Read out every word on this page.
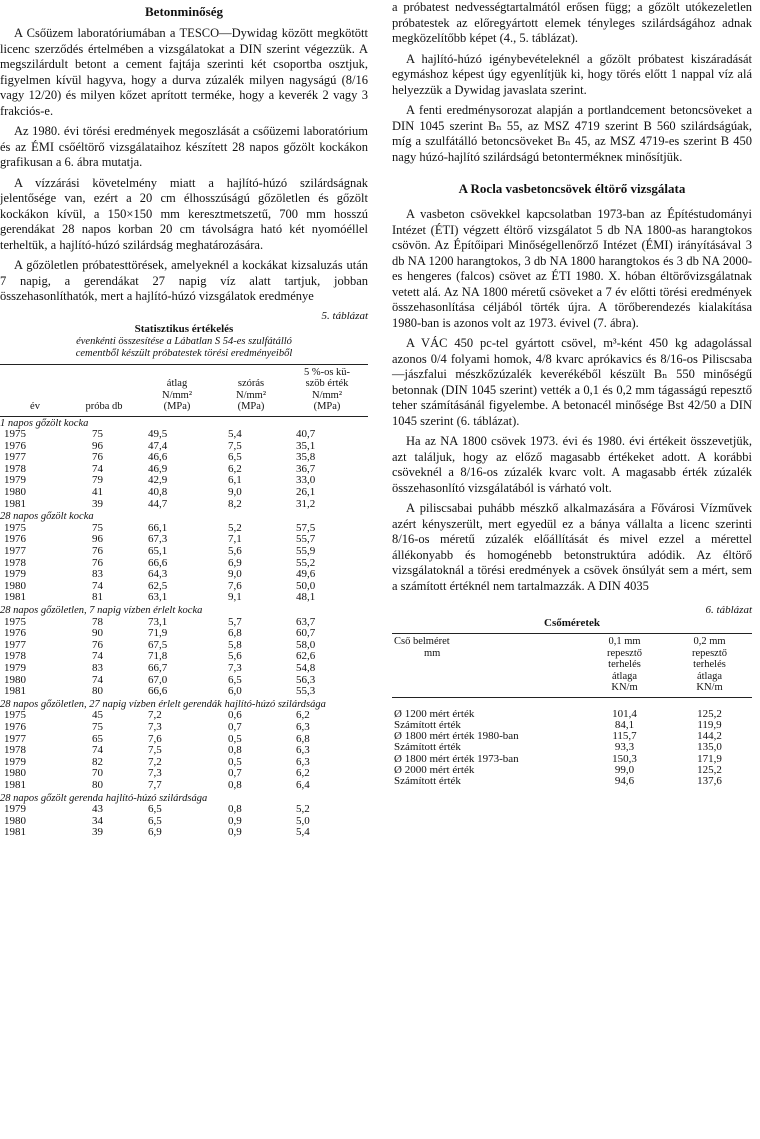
Betonminőség

A Csőüzem laboratóriumában a TESCO—Dywidag között megkötött licenc szerződés értelmében a vizsgálatokat a DIN szerint végezzük. A megszilárdult betont a cement fajtája szerinti két csoportba osztjuk, figyelmen kívül hagyva, hogy a durva zúzalék milyen nagyságú (8/16 vagy 12/20) és milyen kőzet aprított terméke, hogy a keverék 2 vagy 3 frakciós-e.

Az 1980. évi törési eredmények megoszlását a csőüzemi laboratórium és az ÉMI csőéltörő vizsgálataihoz készített 28 napos gőzölt kockákon grafikusan a 6. ábra mutatja.

A vízzárási követelmény miatt a hajlító-húzó szilárdságnak jelentősége van, ezért a 20 cm élhosszúságú gőzöletlen és gőzölt kockákon kívül, a 150×150 mm keresztmetszetű, 700 mm hosszú gerendákat 28 napos korban 20 cm távolságra ható két nyomóéllel terheltük, a hajlító-húzó szilárdság meghatározására.

A gőzöletlen próbatesttörések, amelyeknél a kockákat kizsaluzás után 7 napig, a gerendákat 27 napig víz alatt tartjuk, jobban összehasonlíthatók, mert a hajlító-húzó vizsgálatok eredménye

5. táblázat
Statisztikus értékelés
évenkénti összesítése a Lábatlan S 54-es szulfátálló
cementből készült próbatestek törési eredményeiből
év	próba db	átlag
N/mm²
(MPa)	szórás
N/mm²
(MPa)	5 %-os kü-
szöb érték
N/mm²
(MPa)
1 napos gőzölt kocka				
1975	75	49,5	5,4	40,7
1976	96	47,4	7,5	35,1
1977	76	46,6	6,5	35,8
1978	74	46,9	6,2	36,7
1979	79	42,9	6,1	33,0
1980	41	40,8	9,0	26,1
1981	39	44,7	8,2	31,2
28 napos gőzölt kocka				
1975	75	66,1	5,2	57,5
1976	96	67,3	7,1	55,7
1977	76	65,1	5,6	55,9
1978	76	66,6	6,9	55,2
1979	83	64,3	9,0	49,6
1980	74	62,5	7,6	50,0
1981	81	63,1	9,1	48,1
28 napos gőzöletlen, 7 napig vízben érlelt kocka				
1975	78	73,1	5,7	63,7
1976	90	71,9	6,8	60,7
1977	76	67,5	5,8	58,0
1978	74	71,8	5,6	62,6
1979	83	66,7	7,3	54,8
1980	74	67,0	6,5	56,3
1981	80	66,6	6,0	55,3
28 napos gőzöletlen, 27 napig vízben érlelt gerendák hajlító-húzó szilárdsága				
1975	45	7,2	0,6	6,2
1976	75	7,3	0,7	6,3
1977	65	7,6	0,5	6,8
1978	74	7,5	0,8	6,3
1979	82	7,2	0,5	6,3
1980	70	7,3	0,7	6,2
1981	80	7,7	0,8	6,4
28 napos gőzölt gerenda hajlító-húzó szilárdsága				
1979	43	6,5	0,8	5,2
1980	34	6,5	0,9	5,0
1981	39	6,9	0,9	5,4

a próbatest nedvességtartalmától erősen függ; a gőzölt utókezeletlen próbatestek az előregyártott elemek tényleges szilárdságához adnak megközelítőbb képet (4., 5. táblázat).

A hajlító-húzó igénybevételeknél a gőzölt próbatest kiszáradását egymáshoz képest úgy egyenlítjük ki, hogy törés előtt 1 nappal víz alá helyezzük a Dywidag javaslata szerint.

A fenti eredménysorozat alapján a portlandcement betoncsöveket a DIN 1045 szerint Bₙ 55, az MSZ 4719 szerint B 560 szilárdságúak, míg a szulfátálló betoncsöveket Bₙ 45, az MSZ 4719-es szerint B 450 nagy húzó-hajlító szilárdságú betontermékneк minősítjük.

A Rocla vasbetoncsövek éltörő vizsgálata

A vasbeton csövekkel kapcsolatban 1973-ban az Építéstudományi Intézet (ÉTI) végzett éltörő vizsgálatot 5 db NA 1800-as harangtokos csövön. Az Építőipari Minőségellenőrző Intézet (ÉMI) irányításával 3 db NA 1200 harangtokos, 3 db NA 1800 harangtokos és 3 db NA 2000-es hengeres (falcos) csövet az ÉTI 1980. X. hóban éltörővizsgálatnak vetett alá. Az NA 1800 méretű csöveket a 7 év előtti törési eredmények összehasonlítása céljából törték újra. A törőberendezés kialakítása 1980-ban is azonos volt az 1973. évivel (7. ábra).

A VÁC 450 pc-tel gyártott csövel, m³-ként 450 kg adagolással azonos 0/4 folyami homok, 4/8 kvarc aprókavics és 8/16-os Piliscsaba—jászfalui mészkőzúzalék keverékéből készült Bₙ 550 minőségű betonnak (DIN 1045 szerint) vették a 0,1 és 0,2 mm tágasságú repesztő teher számításánál figyelembe. A betonacél minősége Bst 42/50 a DIN 1045 szerint (6. táblázat).

Ha az NA 1800 csövek 1973. évi és 1980. évi értékeit összevetjük, azt találjuk, hogy az előző magasabb értékeket adott. A korábbi csöveknél a 8/16-os zúzalék kvarc volt. A magasabb érték zúzalék összehasonlító vizsgálatából is várható volt.

A piliscsabai puhább mészkő alkalmazására a Fővárosi Vízművek azért kényszerült, mert egyedül ez a bánya vállalta a licenc szerinti 8/16-os méretű zúzalék előállítását és mivel ezzel a mérettel állékonyabb és homogénebb betonstruktúra adódik. Az éltörő vizsgálatoknál a törési eredmények a csövek önsúlyát sem a mért, sem a számított értéknél nem tartalmazzák. A DIN 4035

6. táblázat
Csőméretek
Cső belméret
mm	0,1 mm
repesztő
terhelés
átlaga
KN/m	0,2 mm
repesztő
terhelés
átlaga
KN/m

Ø 1200 mért érték	101,4	125,2
Számított érték	84,1	119,9
Ø 1800 mért érték 1980-ban	115,7	144,2
Számított érték	93,3	135,0
Ø 1800 mért érték 1973-ban	150,3	171,9
Ø 2000 mért érték	99,0	125,2
Számított érték	94,6	137,6
